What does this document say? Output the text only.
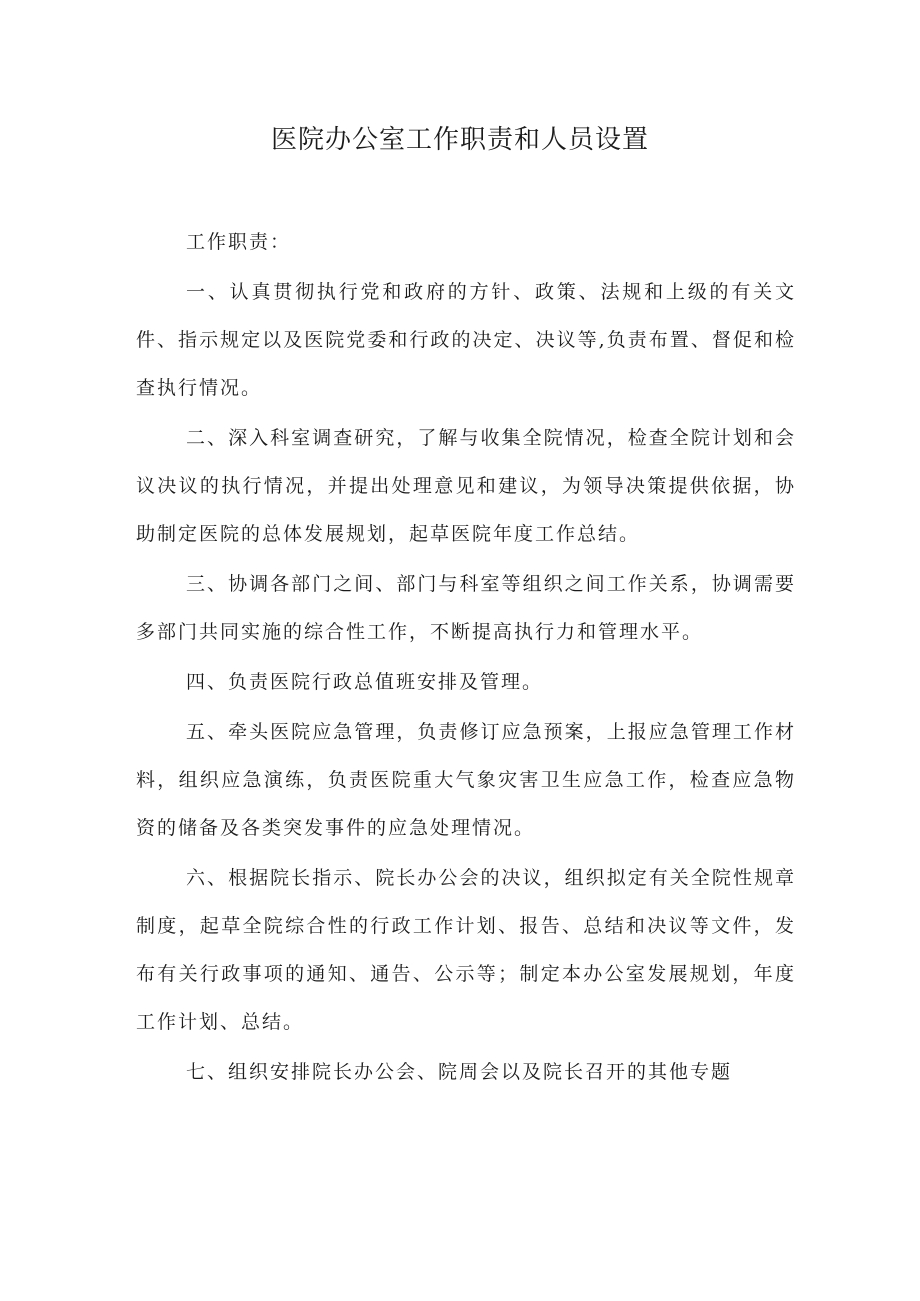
医院办公室工作职责和人员设置

工作职责：

一、认真贯彻执行党和政府的方针、政策、法规和上级的有关文件、指示规定以及医院党委和行政的决定、决议等,负责布置、督促和检查执行情况。

二、深入科室调查研究，了解与收集全院情况，检查全院计划和会议决议的执行情况，并提出处理意见和建议，为领导决策提供依据，协助制定医院的总体发展规划，起草医院年度工作总结。

三、协调各部门之间、部门与科室等组织之间工作关系，协调需要多部门共同实施的综合性工作，不断提高执行力和管理水平。

四、负责医院行政总值班安排及管理。

五、牵头医院应急管理，负责修订应急预案，上报应急管理工作材料，组织应急演练，负责医院重大气象灾害卫生应急工作，检查应急物资的储备及各类突发事件的应急处理情况。

六、根据院长指示、院长办公会的决议，组织拟定有关全院性规章制度，起草全院综合性的行政工作计划、报告、总结和决议等文件，发布有关行政事项的通知、通告、公示等；制定本办公室发展规划，年度工作计划、总结。

七、组织安排院长办公会、院周会以及院长召开的其他专题
